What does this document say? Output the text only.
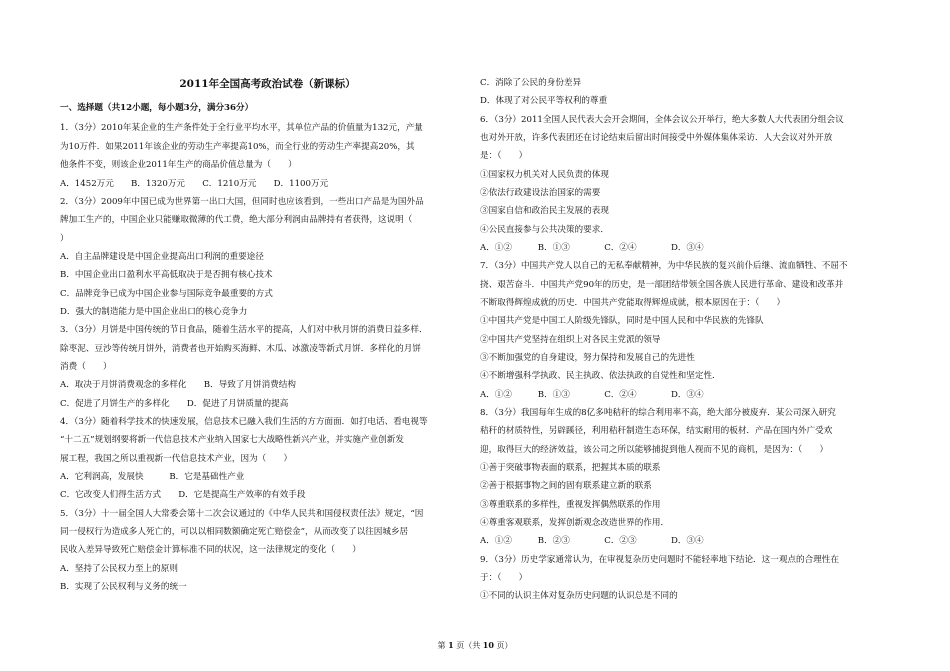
2011年全国高考政治试卷（新课标）
一、选择题（共12小题，每小题3分，满分36分）
1．（3分）2010年某企业的生产条件处于全行业平均水平，其单位产品的价值量为132元，产量
为10万件．如果2011年该企业的劳动生产率提高10%，而全行业的劳动生产率提高20%，其
他条件不变，则该企业2011年生产的商品价值总量为（　　）
A．1452万元　　B．1320万元　　C．1210万元　　D．1100万元
2．（3分）2009年中国已成为世界第一出口大国，但同时也应该看到，一些出口产品是为国外品
牌加工生产的，中国企业只能赚取微薄的代工费，绝大部分利润由品牌持有者获得，这说明（
）
A．自主品牌建设是中国企业提高出口利润的重要途径
B．中国企业出口盈利水平高低取决于是否拥有核心技术
C．品牌竞争已成为中国企业参与国际竞争最重要的方式
D．强大的制造能力是中国企业出口的核心竞争力
3．（3分）月饼是中国传统的节日食品，随着生活水平的提高，人们对中秋月饼的消费日益多样．
除枣泥、豆沙等传统月饼外，消费者也开始购买海鲜、木瓜、冰激凌等新式月饼．多样化的月饼
消费（　　）
A．取决于月饼消费观念的多样化　　B．导致了月饼消费结构
C．促进了月饼生产的多样化　　D．促进了月饼质量的提高
4．（3分）随着科学技术的快速发展，信息技术已融入我们生活的方方面面．如打电话、看电视等
“十二五”规划纲要将新一代信息技术产业纳入国家七大战略性新兴产业，并实施产业创新发
展工程，我国之所以重视新一代信息技术产业，因为（　　）
A．它利润高，发展快　　　B．它是基础性产业
C．它改变人们得生活方式　　D．它是提高生产效率的有效手段
5．（3分）十一届全国人大常委会第十二次会议通过的《中华人民共和国侵权责任法》规定，“因
同一侵权行为造成多人死亡的，可以以相同数额确定死亡赔偿金”，从而改变了以往因城乡居
民收入差异导致死亡赔偿金计算标准不同的状况，这一法律规定的变化（　　）
A．坚持了公民权力至上的原则
B．实现了公民权利与义务的统一
C．消除了公民的身份差异
D．体现了对公民平等权利的尊重
6．（3分）2011全国人民代表大会开会期间，全体会议公开举行，绝大多数人大代表团分组会议
也对外开放，许多代表团还在讨论结束后留出时间接受中外媒体集体采访．人大会议对外开放
是：（　　）
①国家权力机关对人民负责的体现
②依法行政建设法治国家的需要
③国家自信和政治民主发展的表现
④公民直接参与公共决策的要求．
A．①②　　　B．①③　　　　C．②④　　　　D．③④
7．（3分）中国共产党人以自己的无私奉献精神，为中华民族的复兴前仆后继、流血牺牲、不屈不
挠、艰苦奋斗．中国共产党90年的历史，是一部团结带领全国各族人民进行革命、建设和改革并
不断取得辉煌成就的历史．中国共产党能取得辉煌成就，根本原因在于：（　　）
①中国共产党是中国工人阶级先锋队，同时是中国人民和中华民族的先锋队
②中国共产党坚持在组织上对各民主党派的领导
③不断加强党的自身建设，努力保持和发展自己的先进性
④不断增强科学执政、民主执政、依法执政的自觉性和坚定性．
A．①②　　　B．①③　　　　C．②④　　　　D．③④
8．（3分）我国每年生成的8亿多吨秸秆的综合利用率不高，绝大部分被废弃．某公司深入研究
秸秆的材质特性，另辟蹊径，利用秸秆制造生态环保，结实耐用的板材．产品在国内外广受欢
迎，取得巨大的经济效益，该公司之所以能够捕捉到他人视而不见的商机，是因为：（　　）
①善于突破事物表面的联系，把握其本质的联系
②善于根据事物之间的固有联系建立新的联系
③尊重联系的多样性，重视发挥偶然联系的作用
④尊重客观联系，发挥创新观念改造世界的作用．
A．①②　　　B．②③　　　　C．②③　　　　D．③④
9．（3分）历史学家通常认为，在审视复杂历史问题时不能轻率地下结论．这一观点的合理性在
于：（　　）
①不同的认识主体对复杂历史问题的认识总是不同的
第 1 页（共 10 页）
